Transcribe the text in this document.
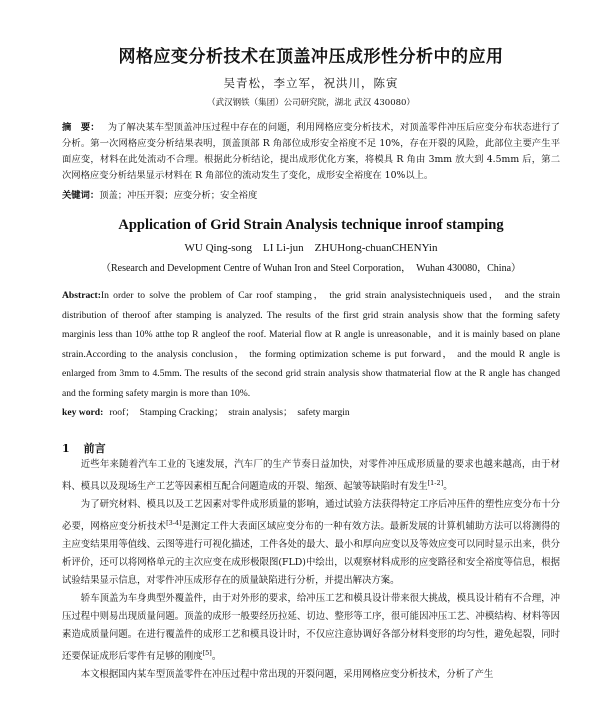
网格应变分析技术在顶盖冲压成形性分析中的应用
吴青松，李立军，祝洪川，陈寅
（武汉钢铁（集团）公司研究院，湖北 武汉 430080）
摘　要： 为了解决某车型顶盖冲压过程中存在的问题，利用网格应变分析技术，对顶盖零件冲压后应变分布状态进行了分析。第一次网格应变分析结果表明，顶盖顶部 R 角部位成形安全裕度不足 10%，存在开裂的风险，此部位主要产生平面应变，材料在此处流动不合理。根据此分析结论，提出成形优化方案，将模具 R 角由 3mm 放大到 4.5mm 后，第二次网格应变分析结果显示材料在 R 角部位的流动发生了变化，成形安全裕度在 10%以上。
关键词：顶盖；冲压开裂；应变分析；安全裕度
Application of Grid Strain Analysis technique inroof stamping
WU Qing-song　LI Li-jun　ZHUHong-chuanCHENYin
（Research and Development Centre of Wuhan Iron and Steel Corporation，　Wuhan 430080，China）
Abstract:In order to solve the problem of Car roof stamping， the grid strain analysistechniqueis used， and the strain distribution of theroof after stamping is analyzed. The results of the first grid strain analysis show that the forming safety marginis less than 10% atthe top R angleof the roof. Material flow at R angle is unreasonable，and it is mainly based on plane strain.According to the analysis conclusion， the forming optimization scheme is put forward， and the mould R angle is enlarged from 3mm to 4.5mm. The results of the second grid strain analysis show thatmaterial flow at the R angle has changed and the forming safety margin is more than 10%.
key word: roof；　Stamping Cracking；　strain analysis；　safety margin
1 前言

近些年来随着汽车工业的飞速发展，汽车厂的生产节奏日益加快，对零件冲压成形质量的要求也越来越高，由于材料、模具以及现场生产工艺等因素相互配合问题造成的开裂、缩颈、起皱等缺陷时有发生[1-2]。

为了研究材料、模具以及工艺因素对零件成形质量的影响，通过试验方法获得特定工序后冲压件的塑性应变分布十分必要，网格应变分析技术[3-4]是测定工件大表面区域应变分布的一种有效方法。最新发展的计算机辅助方法可以将测得的主应变结果用等值线、云图等进行可视化描述，工件各处的最大、最小和厚向应变以及等效应变可以同时显示出来，供分析评价，还可以将网格单元的主次应变在成形极限图(FLD)中绘出，以观察材料成形的应变路径和安全裕度等信息，根据试验结果显示信息，对零件冲压成形存在的质量缺陷进行分析，并提出解决方案。

轿车顶盖为车身典型外覆盖件，由于对外形的要求，给冲压工艺和模具设计带来很大挑战，模具设计稍有不合理，冲压过程中则易出现质量问题。顶盖的成形一般要经历拉延、切边、整形等工序，很可能因冲压工艺、冲模结构、材料等因素造成质量问题。在进行覆盖件的成形工艺和模具设计时，不仅应注意协调好各部分材料变形的均匀性，避免起裂，同时还要保证成形后零件有足够的刚度[5]。

本文根据国内某车型顶盖零件在冲压过程中常出现的开裂问题，采用网格应变分析技术，分析了产生
